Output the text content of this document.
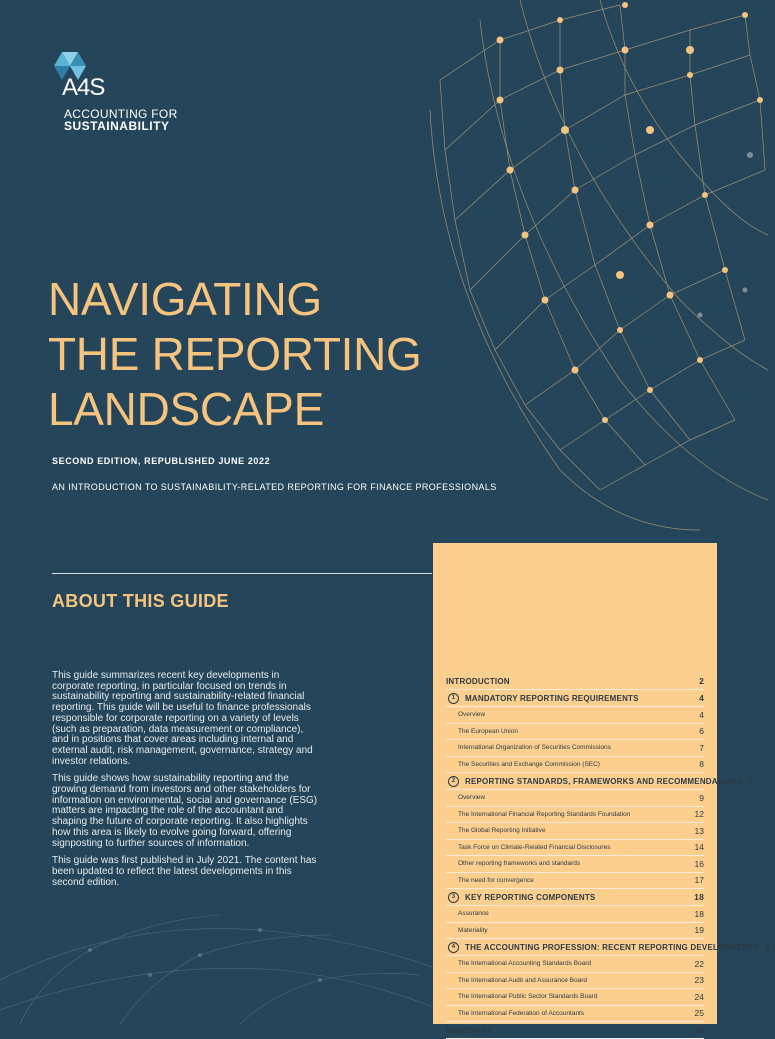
A4S
ACCOUNTING FOR
SUSTAINABILITY
NAVIGATING
THE REPORTING
LANDSCAPE
SECOND EDITION, REPUBLISHED JUNE 2022
AN INTRODUCTION TO SUSTAINABILITY-RELATED REPORTING FOR FINANCE PROFESSIONALS
ABOUT THIS GUIDE

This guide summarizes recent key developments in corporate reporting, in particular focused on trends in sustainability reporting and sustainability-related financial reporting. This guide will be useful to finance professionals responsible for corporate reporting on a variety of levels (such as preparation, data measurement or compliance), and in positions that cover areas including internal and external audit, risk management, governance, strategy and investor relations.

This guide shows how sustainability reporting and the growing demand from investors and other stakeholders for information on environmental, social and governance (ESG) matters are impacting the role of the accountant and shaping the future of corporate reporting. It also highlights how this area is likely to evolve going forward, offering signposting to further sources of information.

This guide was first published in July 2021. The content has been updated to reflect the latest developments in this second edition.

INTRODUCTION	2
1	MANDATORY REPORTING REQUIREMENTS	4
Overview	4
The European Union	6
International Organization of Securities Commissions	7
The Securities and Exchange Commission (SEC)	8
2	REPORTING STANDARDS, FRAMEWORKS AND RECOMMENDATIONS 9
Overview	9
The International Financial Reporting Standards Foundation	12
The Global Reporting Initiative	13
Task Force on Climate-Related Financial Disclosures	14
Other reporting frameworks and standards	16
The need for convergence	17
3	KEY REPORTING COMPONENTS	18
Assurance	18
Materiality	19
4	THE ACCOUNTING PROFESSION: RECENT REPORTING DEVELOPMENTS 21
The International Accounting Standards Board	22
The International Audit and Assurance Board	23
The International Public Sector Standards Board	24
The International Federation of Accountants	25
GLOSSARY	26
